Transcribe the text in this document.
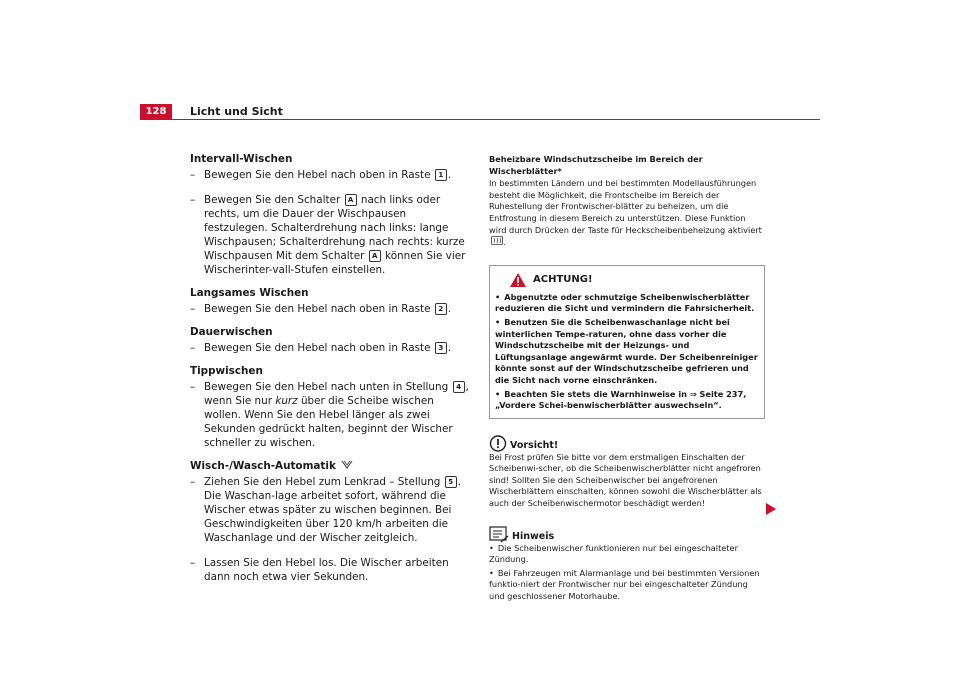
128	Licht und Sicht

Intervall-Wischen

– Bewegen Sie den Hebel nach oben in Raste 1 .

– Bewegen Sie den Schalter A nach links oder rechts, um die Dauer der Wischpausen festzulegen. Schalterdrehung nach links: lange Wischpausen; Schalterdrehung nach rechts: kurze Wischpausen Mit dem Schalter A können Sie vier Wischerinter-vall-Stufen einstellen.

Langsames Wischen

– Bewegen Sie den Hebel nach oben in Raste 2 .

Dauerwischen

– Bewegen Sie den Hebel nach oben in Raste 3 .

Tippwischen

– Bewegen Sie den Hebel nach unten in Stellung 4 , wenn Sie nur kurz über die Scheibe wischen wollen. Wenn Sie den Hebel länger als zwei Sekunden gedrückt halten, beginnt der Wischer schneller zu wischen.

Wisch-/Wasch-Automatik

– Ziehen Sie den Hebel zum Lenkrad – Stellung 5 . Die Waschan-lage arbeitet sofort, während die Wischer etwas später zu wischen beginnen. Bei Geschwindigkeiten über 120 km/h arbeiten die Waschanlage und der Wischer zeitgleich.

– Lassen Sie den Hebel los. Die Wischer arbeiten dann noch etwa vier Sekunden.

Beheizbare Windschutzscheibe im Bereich der Wischerblätter*

In bestimmten Ländern und bei bestimmten Modellausführungen besteht die Möglichkeit, die Frontscheibe im Bereich der Ruhestellung der Frontwischer-blätter zu beheizen, um die Entfrostung in diesem Bereich zu unterstützen. Diese Funktion wird durch Drücken der Taste für Heckscheibenbeheizung aktiviert .

ACHTUNG!

• Abgenutzte oder schmutzige Scheibenwischerblätter reduzieren die Sicht und vermindern die Fahrsicherheit.

• Benutzen Sie die Scheibenwaschanlage nicht bei winterlichen Tempe-raturen, ohne dass vorher die Windschutzscheibe mit der Heizungs- und Lüftungsanlage angewärmt wurde. Der Scheibenreiniger könnte sonst auf der Windschutzscheibe gefrieren und die Sicht nach vorne einschränken.

• Beachten Sie stets die Warnhinweise in ⇒ Seite 237, „Vordere Schei-benwischerblätter auswechseln“.

Vorsicht!

Bei Frost prüfen Sie bitte vor dem erstmaligen Einschalten der Scheibenwi-scher, ob die Scheibenwischerblätter nicht angefroren sind! Sollten Sie den Scheibenwischer bei angefrorenen Wischerblättern einschalten, können sowohl die Wischerblätter als auch der Scheibenwischermotor beschädigt werden!

Hinweis

• Die Scheibenwischer funktionieren nur bei eingeschalteter Zündung.

• Bei Fahrzeugen mit Alarmanlage und bei bestimmten Versionen funktio-niert der Frontwischer nur bei eingeschalteter Zündung und geschlossener Motorhaube.
